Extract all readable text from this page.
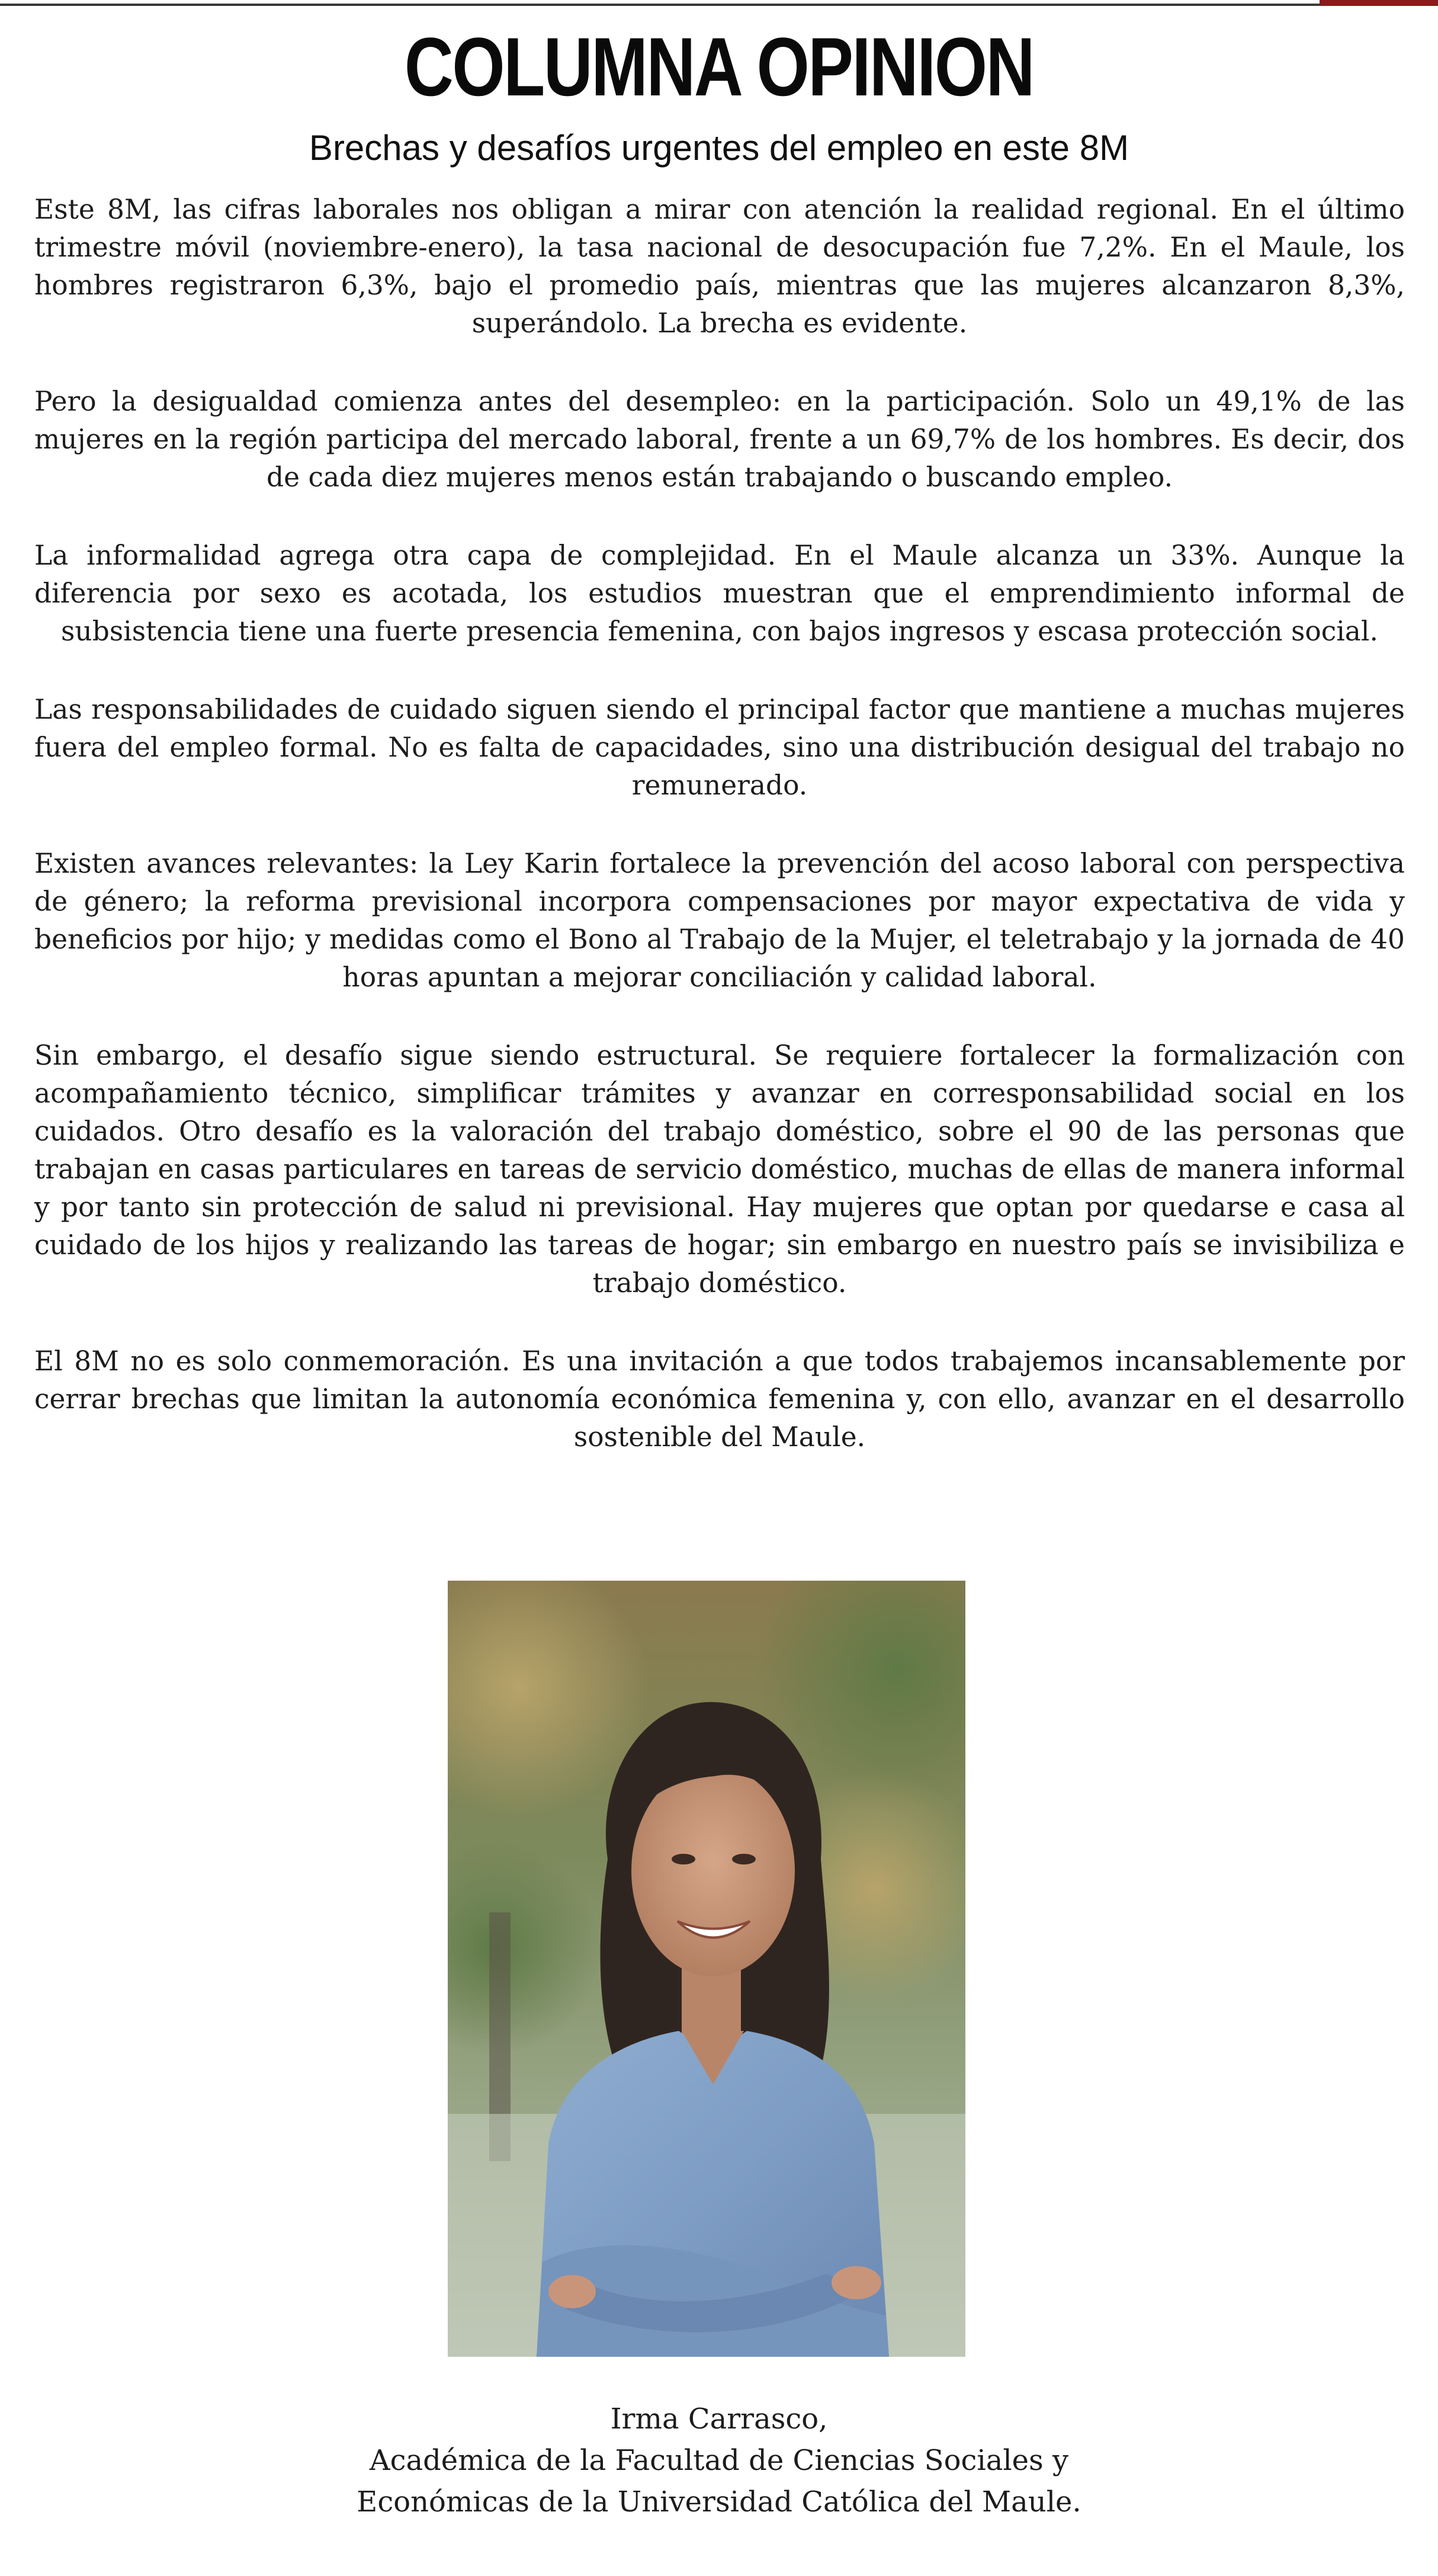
COLUMNA OPINION
Brechas y desafíos urgentes del empleo en este 8M

Este 8M, las cifras laborales nos obligan a mirar con atención la realidad regional. En el último trimestre móvil (noviembre-enero), la tasa nacional de desocupación fue 7,2%. En el Maule, los hombres registraron 6,3%, bajo el promedio país, mientras que las mujeres alcanzaron 8,3%, superándolo. La brecha es evidente.

Pero la desigualdad comienza antes del desempleo: en la participación. Solo un 49,1% de las mujeres en la región participa del mercado laboral, frente a un 69,7% de los hombres. Es decir, dos de cada diez mujeres menos están trabajando o buscando empleo.

La informalidad agrega otra capa de complejidad. En el Maule alcanza un 33%. Aunque la diferencia por sexo es acotada, los estudios muestran que el emprendimiento informal de subsistencia tiene una fuerte presencia femenina, con bajos ingresos y escasa protección social.

Las responsabilidades de cuidado siguen siendo el principal factor que mantiene a muchas mujeres fuera del empleo formal. No es falta de capacidades, sino una distribución desigual del trabajo no remunerado.

Existen avances relevantes: la Ley Karin fortalece la prevención del acoso laboral con perspectiva de género; la reforma previsional incorpora compensaciones por mayor expectativa de vida y beneficios por hijo; y medidas como el Bono al Trabajo de la Mujer, el teletrabajo y la jornada de 40 horas apuntan a mejorar conciliación y calidad laboral.

Sin embargo, el desafío sigue siendo estructural. Se requiere fortalecer la formalización con acompañamiento técnico, simplificar trámites y avanzar en corresponsabilidad social en los cuidados. Otro desafío es la valoración del trabajo doméstico, sobre el 90 de las personas que trabajan en casas particulares en tareas de servicio doméstico, muchas de ellas de manera informal y por tanto sin protección de salud ni previsional. Hay mujeres que optan por quedarse e casa al cuidado de los hijos y realizando las tareas de hogar; sin embargo en nuestro país se invisibiliza e trabajo doméstico.

El 8M no es solo conmemoración. Es una invitación a que todos trabajemos incansablemente por cerrar brechas que limitan la autonomía económica femenina y, con ello, avanzar en el desarrollo sostenible del Maule.

Irma Carrasco,
Académica de la Facultad de Ciencias Sociales y
Económicas de la Universidad Católica del Maule.
